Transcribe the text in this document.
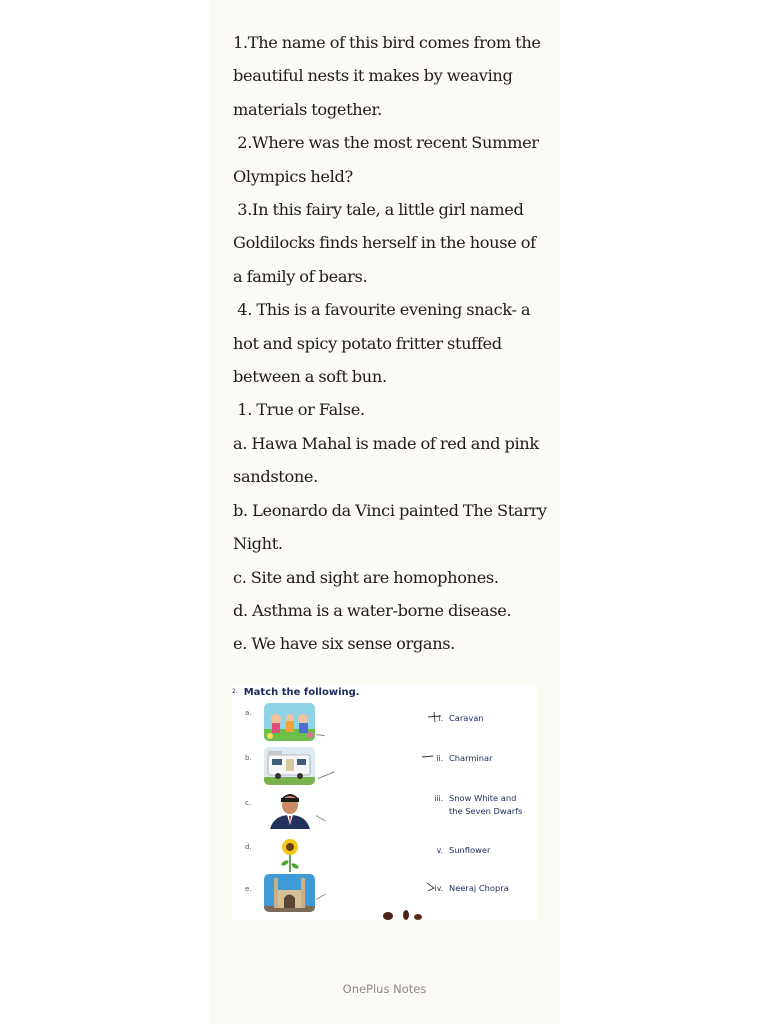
1.The name of this bird comes from the
beautiful nests it makes by weaving
materials together.
2.Where was the most recent Summer
Olympics held?
3.In this fairy tale, a little girl named
Goldilocks finds herself in the house of
a family of bears.
4. This is a favourite evening snack- a
hot and spicy potato fritter stuffed
between a soft bun.
1. True or False.
a. Hawa Mahal is made of red and pink
sandstone.
b. Leonardo da Vinci painted The Starry
Night.
c. Site and sight are homophones.
d. Asthma is a water-borne disease.
e. We have six sense organs.
$^{2.}$ Match the following.
a.
b.
c.
d.
e.
i. Caravan
ii. Charminar
iii. Snow White and
the Seven Dwarfs
v. Sunflower
iv. Neeraj Chopra
OnePlus Notes
